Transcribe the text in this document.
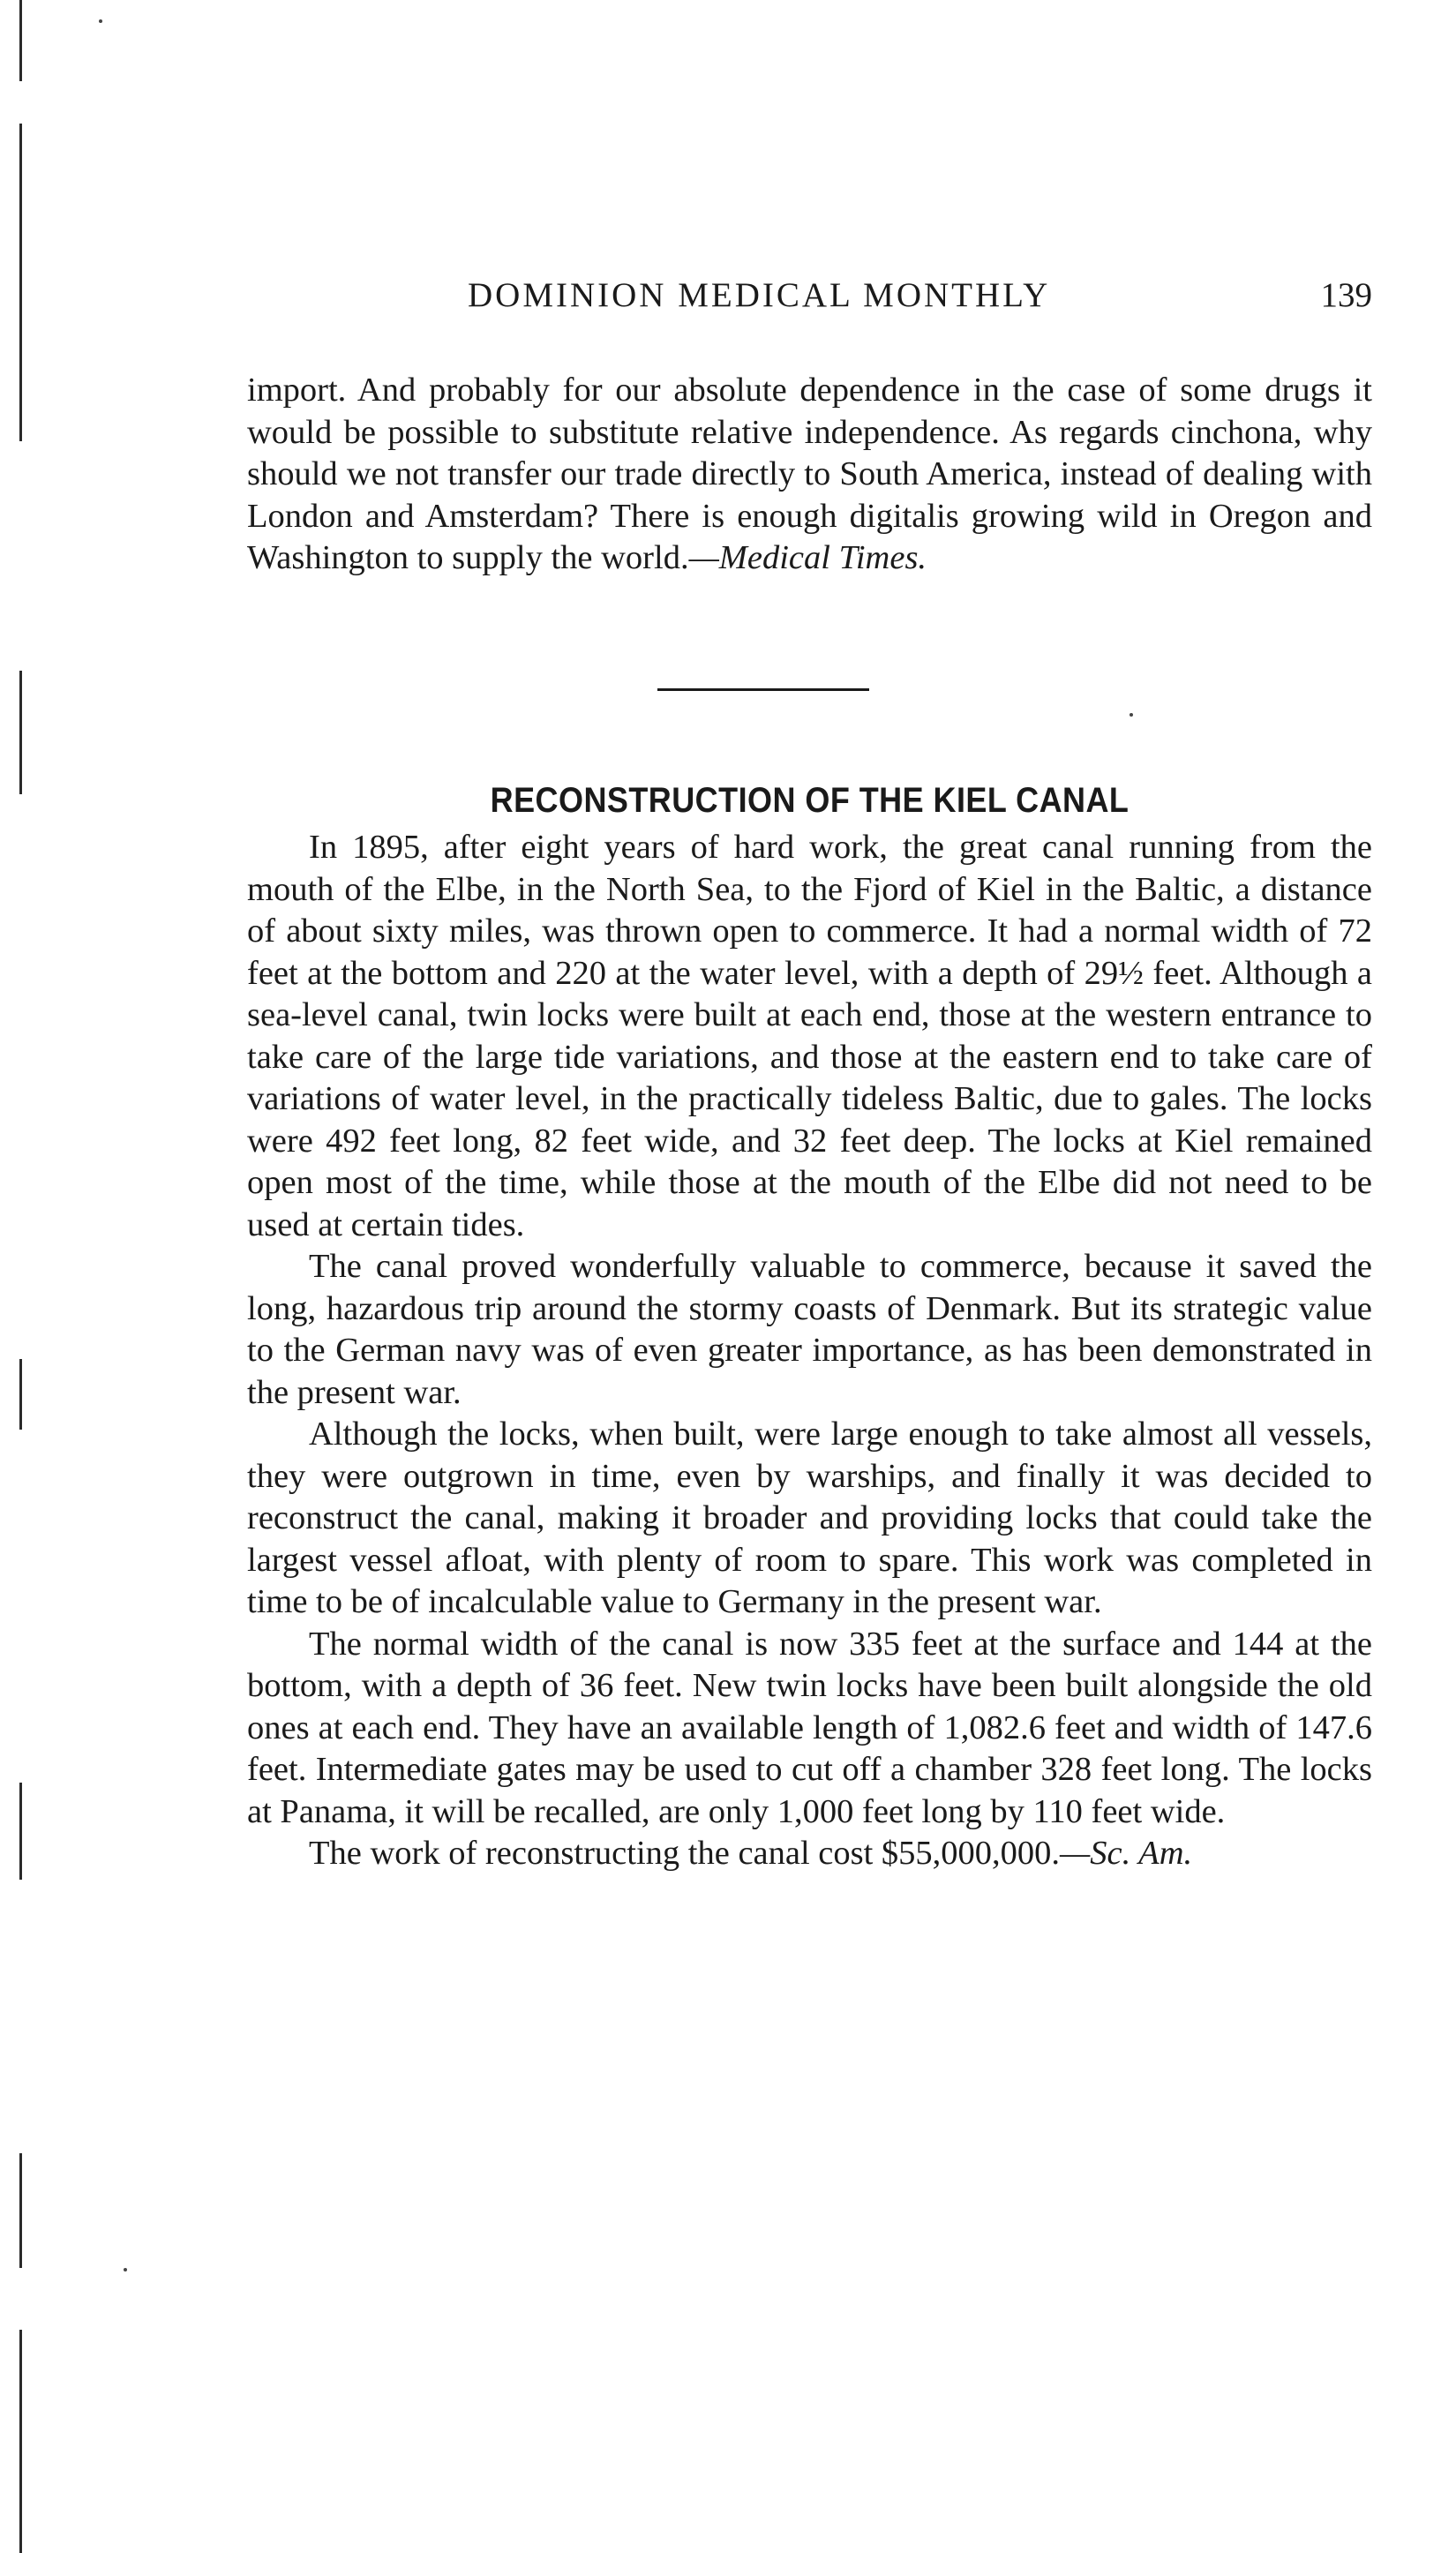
DOMINION MEDICAL MONTHLY	139

import. And probably for our absolute dependence in the case of some drugs it would be possible to substitute relative independence. As regards cinchona, why should we not transfer our trade directly to South America, instead of dealing with London and Amsterdam? There is enough digitalis growing wild in Oregon and Washington to supply the world.—Medical Times.

RECONSTRUCTION OF THE KIEL CANAL

In 1895, after eight years of hard work, the great canal running from the mouth of the Elbe, in the North Sea, to the Fjord of Kiel in the Baltic, a distance of about sixty miles, was thrown open to commerce. It had a normal width of 72 feet at the bottom and 220 at the water level, with a depth of 29½ feet. Although a sea-level canal, twin locks were built at each end, those at the western entrance to take care of the large tide variations, and those at the eastern end to take care of variations of water level, in the practically tideless Baltic, due to gales. The locks were 492 feet long, 82 feet wide, and 32 feet deep. The locks at Kiel remained open most of the time, while those at the mouth of the Elbe did not need to be used at certain tides.

The canal proved wonderfully valuable to commerce, because it saved the long, hazardous trip around the stormy coasts of Denmark. But its strategic value to the German navy was of even greater importance, as has been demonstrated in the present war.

Although the locks, when built, were large enough to take almost all vessels, they were outgrown in time, even by warships, and finally it was decided to reconstruct the canal, making it broader and providing locks that could take the largest vessel afloat, with plenty of room to spare. This work was completed in time to be of incalculable value to Germany in the present war.

The normal width of the canal is now 335 feet at the surface and 144 at the bottom, with a depth of 36 feet. New twin locks have been built alongside the old ones at each end. They have an available length of 1,082.6 feet and width of 147.6 feet. Intermediate gates may be used to cut off a chamber 328 feet long. The locks at Panama, it will be recalled, are only 1,000 feet long by 110 feet wide.

The work of reconstructing the canal cost $55,000,000.—Sc. Am.
